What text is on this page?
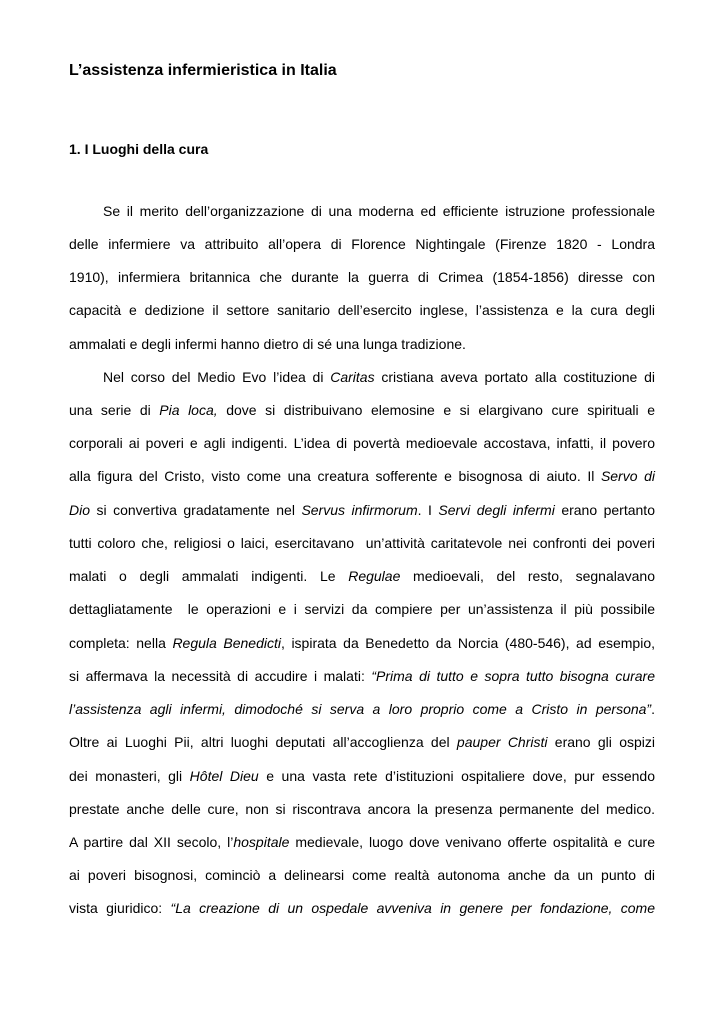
L’assistenza infermieristica in Italia
1. I Luoghi della cura
Se il merito dell’organizzazione di una moderna ed efficiente istruzione professionale
delle infermiere va attribuito all’opera di Florence Nightingale (Firenze 1820 - Londra
1910), infermiera britannica che durante la guerra di Crimea (1854-1856) diresse con
capacità e dedizione il settore sanitario dell’esercito inglese, l’assistenza e la cura degli
ammalati e degli infermi hanno dietro di sé una lunga tradizione.
Nel corso del Medio Evo l’idea di Caritas cristiana aveva portato alla costituzione di
una serie di Pia loca, dove si distribuivano elemosine e si elargivano cure spirituali e
corporali ai poveri e agli indigenti. L’idea di povertà medioevale accostava, infatti, il povero
alla figura del Cristo, visto come una creatura sofferente e bisognosa di aiuto. Il Servo di
Dio si convertiva gradatamente nel Servus infirmorum. I Servi degli infermi erano pertanto
tutti coloro che, religiosi o laici, esercitavano  un’attività caritatevole nei confronti dei poveri
malati o degli ammalati indigenti. Le Regulae medioevali, del resto, segnalavano
dettagliatamente  le operazioni e i servizi da compiere per un’assistenza il più possibile
completa: nella Regula Benedicti, ispirata da Benedetto da Norcia (480-546), ad esempio,
si affermava la necessità di accudire i malati: “Prima di tutto e sopra tutto bisogna curare
l’assistenza agli infermi, dimodoché si serva a loro proprio come a Cristo in persona”.
Oltre ai Luoghi Pii, altri luoghi deputati all’accoglienza del pauper Christi erano gli ospizi
dei monasteri, gli Hôtel Dieu e una vasta rete d’istituzioni ospitaliere dove, pur essendo
prestate anche delle cure, non si riscontrava ancora la presenza permanente del medico.
A partire dal XII secolo, l’hospitale medievale, luogo dove venivano offerte ospitalità e cure
ai poveri bisognosi, cominciò a delinearsi come realtà autonoma anche da un punto di
vista giuridico: “La creazione di un ospedale avveniva in genere per fondazione, come
